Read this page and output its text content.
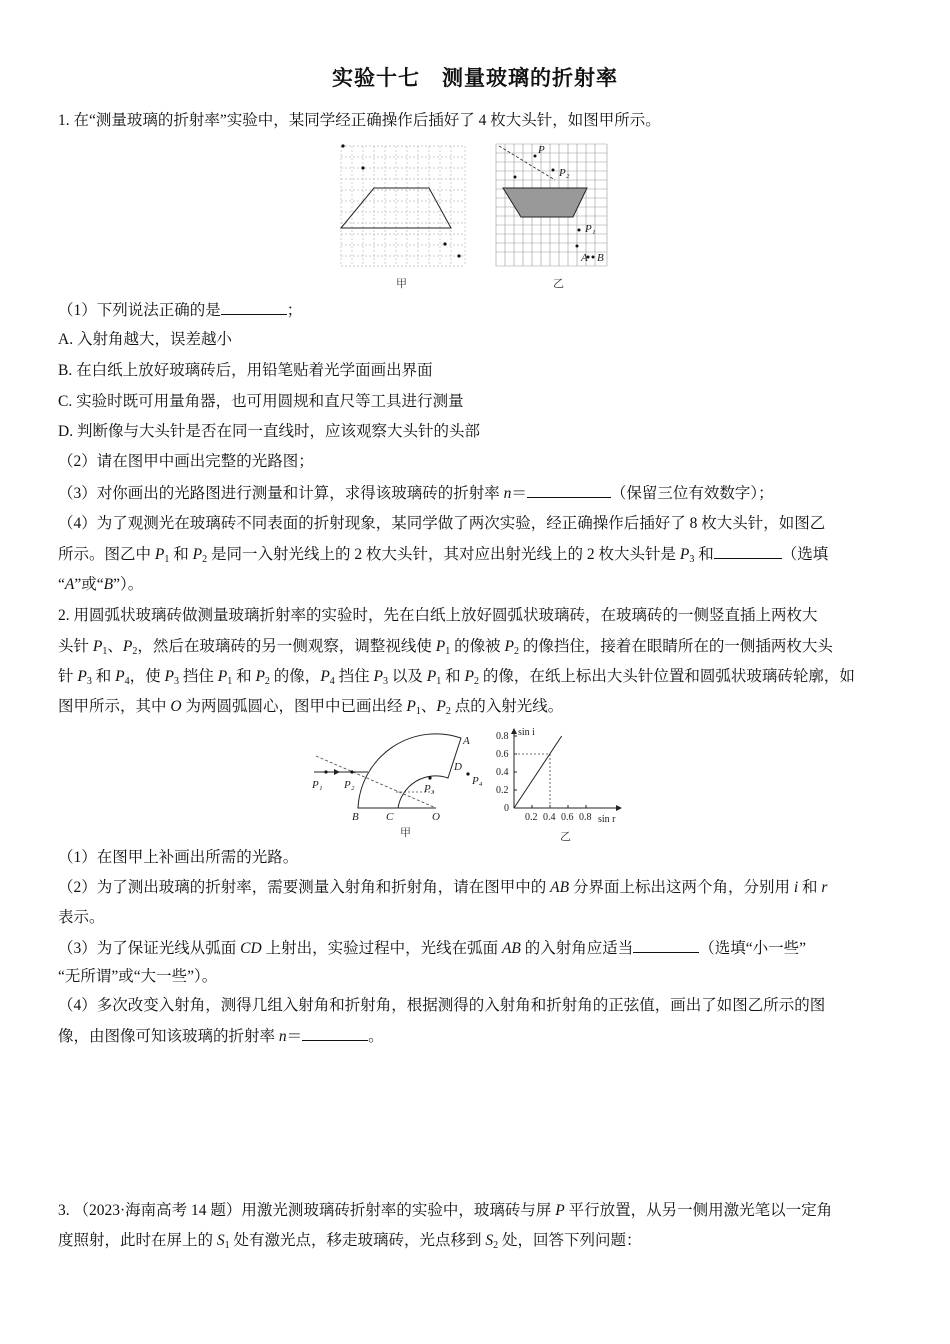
实验十七　测量玻璃的折射率
1. 在“测量玻璃的折射率”实验中，某同学经正确操作后插好了 4 枚大头针，如图甲所示。
甲
P
P₂
P₁
A B
乙
（1）下列说法正确的是	；
A. 入射角越大，误差越小
B. 在白纸上放好玻璃砖后，用铅笔贴着光学面画出界面
C. 实验时既可用量角器，也可用圆规和直尺等工具进行测量
D. 判断像与大头针是否在同一直线时，应该观察大头针的头部
（2）请在图甲中画出完整的光路图；
（3）对你画出的光路图进行测量和计算，求得该玻璃砖的折射率 n＝	（保留三位有效数字）；
（4）为了观测光在玻璃砖不同表面的折射现象，某同学做了两次实验，经正确操作后插好了 8 枚大头针，如图乙
所示。图乙中 $P_1$ 和 $P_2$ 是同一入射光线上的 2 枚大头针，其对应出射光线上的 2 枚大头针是 $P_3$ 和	（选填
“A”或“B”）。
2. 用圆弧状玻璃砖做测量玻璃折射率的实验时，先在白纸上放好圆弧状玻璃砖，在玻璃砖的一侧竖直插上两枚大
头针 $P_1$、$P_2$，然后在玻璃砖的另一侧观察，调整视线使 $P_1$ 的像被 $P_2$ 的像挡住，接着在眼睛所在的一侧插两枚大头
针 $P_3$ 和 $P_4$，使 $P_3$ 挡住 $P_1$ 和 $P_2$ 的像，$P_4$ 挡住 $P_3$ 以及 $P_1$ 和 $P_2$ 的像，在纸上标出大头针位置和圆弧状玻璃砖轮廓，如
图甲所示，其中 O 为两圆弧圆心，图甲中已画出经 $P_1$、$P_2$ 点的入射光线。
A
B C
D
O
P₁ P₂	P₃
P₄
甲
0.2
0.4
0.6
0.8
0.2 0.4 0.6 0.8
sin i
sin r
0
乙
（1）在图甲上补画出所需的光路。
（2）为了测出玻璃的折射率，需要测量入射角和折射角，请在图甲中的 AB 分界面上标出这两个角，分别用 i 和 r
表示。
（3）为了保证光线从弧面 CD 上射出，实验过程中，光线在弧面 AB 的入射角应适当	（选填“小一些”
“无所谓”或“大一些”）。
（4）多次改变入射角，测得几组入射角和折射角，根据测得的入射角和折射角的正弦值，画出了如图乙所示的图
像，由图像可知该玻璃的折射率 n＝	。
3. （2023·海南高考 14 题）用激光测玻璃砖折射率的实验中，玻璃砖与屏 P 平行放置，从另一侧用激光笔以一定角
度照射，此时在屏上的 $S_1$ 处有激光点，移走玻璃砖，光点移到 $S_2$ 处，回答下列问题：
